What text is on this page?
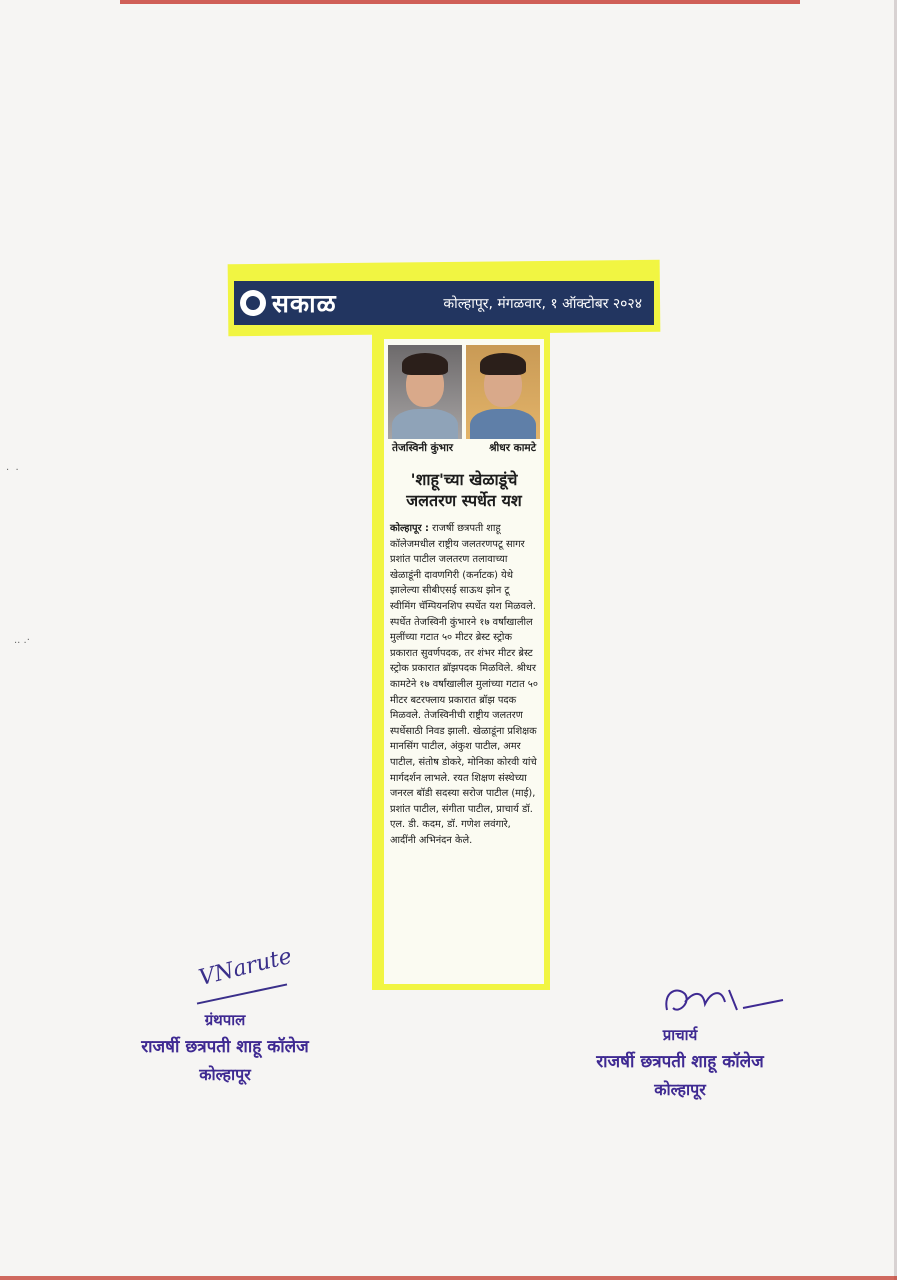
·  ·
.. .·
सकाळ	कोल्हापूर, मंगळवार, १ ऑक्टोबर २०२४
तेजस्विनी कुंभार	श्रीधर कामटे
'शाहू'च्या खेळाडूंचे जलतरण स्पर्धेत यश
कोल्हापूर : राजर्षी छत्रपती शाहू कॉलेजमधील राष्ट्रीय जलतरणपटू सागर प्रशांत पाटील जलतरण तलावाच्या खेळाडूंनी दावणगिरी (कर्नाटक) येथे झालेल्या सीबीएसई साऊथ झोन टू स्वीमिंग चॅम्पियनशिप स्पर्धेत यश मिळवले. स्पर्धेत तेजस्विनी कुंभारने १७ वर्षांखालील मुलींच्या गटात ५० मीटर ब्रेस्ट स्ट्रोक प्रकारात सुवर्णपदक, तर शंभर मीटर ब्रेस्ट स्ट्रोक प्रकारात ब्रॉझपदक मिळविले. श्रीधर कामटेने १७ वर्षांखालील मुलांच्या गटात ५० मीटर बटरफ्लाय प्रकारात ब्रॉझ पदक मिळवले. तेजस्विनीची राष्ट्रीय जलतरण स्पर्धेसाठी निवड झाली. खेळाडूंना प्रशिक्षक मानसिंग पाटील, अंकुश पाटील, अमर पाटील, संतोष डोकरे, मोनिका कोरवी यांचे मार्गदर्शन लाभले. रयत शिक्षण संस्थेच्या जनरल बॉडी सदस्या सरोज पाटील (माई), प्रशांत पाटील, संगीता पाटील, प्राचार्य डॉ. एल. डी. कदम, डॉ. गणेश लवंगारे, आदींनी अभिनंदन केले.
VNarute
ग्रंथपाल
राजर्षी छत्रपती शाहू कॉलेज
कोल्हापूर
प्राचार्य
राजर्षी छत्रपती शाहू कॉलेज
कोल्हापूर
